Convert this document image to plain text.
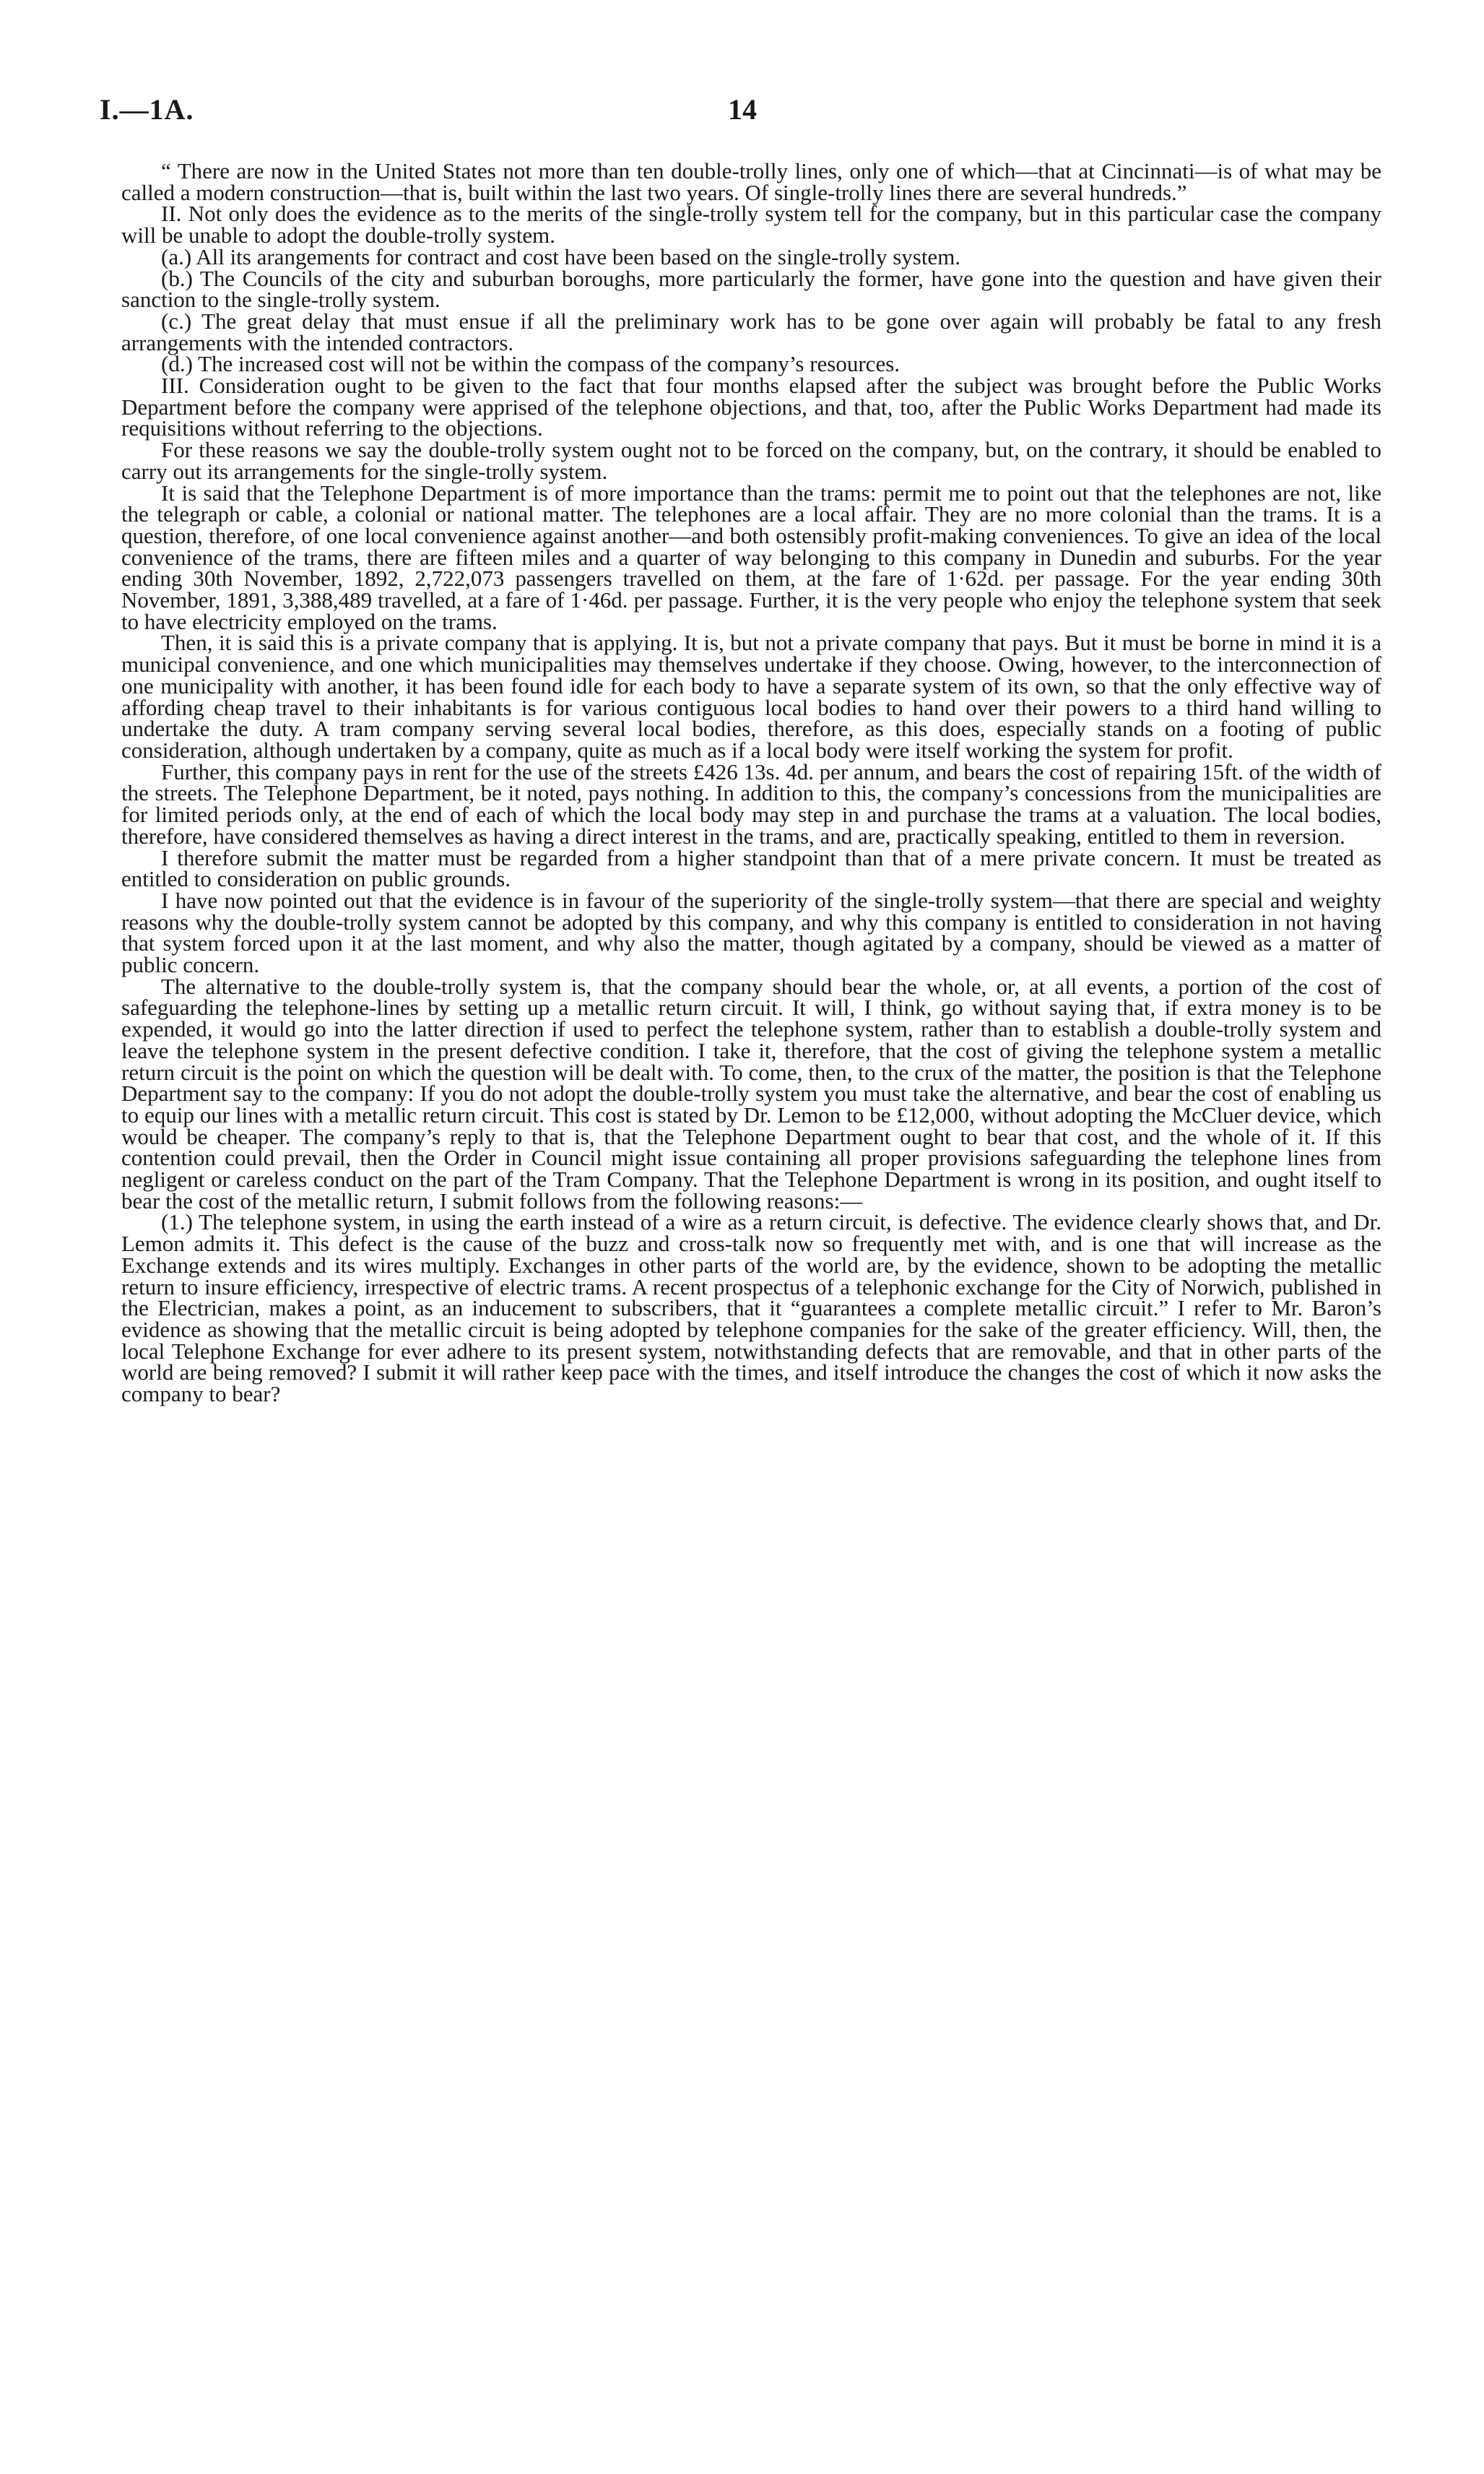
I.—1A.	14

“ There are now in the United States not more than ten double-trolly lines, only one of which—that at Cincinnati—is of what may be called a modern construction—that is, built within the last two years. Of single-trolly lines there are several hundreds.”

II. Not only does the evidence as to the merits of the single-trolly system tell for the company, but in this particular case the company will be unable to adopt the double-trolly system.

(a.) All its arangements for contract and cost have been based on the single-trolly system.

(b.) The Councils of the city and suburban boroughs, more particularly the former, have gone into the question and have given their sanction to the single-trolly system.

(c.) The great delay that must ensue if all the preliminary work has to be gone over again will probably be fatal to any fresh arrangements with the intended contractors.

(d.) The increased cost will not be within the compass of the company’s resources.

III. Consideration ought to be given to the fact that four months elapsed after the subject was brought before the Public Works Department before the company were apprised of the telephone objections, and that, too, after the Public Works Department had made its requisitions without referring to the objections.

For these reasons we say the double-trolly system ought not to be forced on the company, but, on the contrary, it should be enabled to carry out its arrangements for the single-trolly system.

It is said that the Telephone Department is of more importance than the trams: permit me to point out that the telephones are not, like the telegraph or cable, a colonial or national matter. The telephones are a local affair. They are no more colonial than the trams. It is a question, therefore, of one local convenience against another—and both ostensibly profit-making conveniences. To give an idea of the local convenience of the trams, there are fifteen miles and a quarter of way belonging to this company in Dunedin and suburbs. For the year ending 30th November, 1892, 2,722,073 passengers travelled on them, at the fare of 1·62d. per passage. For the year ending 30th November, 1891, 3,388,489 travelled, at a fare of 1·46d. per passage. Further, it is the very people who enjoy the telephone system that seek to have electricity employed on the trams.

Then, it is said this is a private company that is applying. It is, but not a private company that pays. But it must be borne in mind it is a municipal convenience, and one which municipalities may themselves undertake if they choose. Owing, however, to the interconnection of one municipality with another, it has been found idle for each body to have a separate system of its own, so that the only effective way of affording cheap travel to their inhabitants is for various contiguous local bodies to hand over their powers to a third hand willing to undertake the duty. A tram company serving several local bodies, therefore, as this does, especially stands on a footing of public consideration, although undertaken by a company, quite as much as if a local body were itself working the system for profit.

Further, this company pays in rent for the use of the streets £426 13s. 4d. per annum, and bears the cost of repairing 15ft. of the width of the streets. The Telephone Department, be it noted, pays nothing. In addition to this, the company’s concessions from the municipalities are for limited periods only, at the end of each of which the local body may step in and purchase the trams at a valuation. The local bodies, therefore, have considered themselves as having a direct interest in the trams, and are, practically speaking, entitled to them in reversion.

I therefore submit the matter must be regarded from a higher standpoint than that of a mere private concern. It must be treated as entitled to consideration on public grounds.

I have now pointed out that the evidence is in favour of the superiority of the single-trolly system—that there are special and weighty reasons why the double-trolly system cannot be adopted by this company, and why this company is entitled to consideration in not having that system forced upon it at the last moment, and why also the matter, though agitated by a company, should be viewed as a matter of public concern.

The alternative to the double-trolly system is, that the company should bear the whole, or, at all events, a portion of the cost of safeguarding the telephone-lines by setting up a metallic return circuit. It will, I think, go without saying that, if extra money is to be expended, it would go into the latter direction if used to perfect the telephone system, rather than to establish a double-trolly system and leave the telephone system in the present defective condition. I take it, therefore, that the cost of giving the telephone system a metallic return circuit is the point on which the question will be dealt with. To come, then, to the crux of the matter, the position is that the Telephone Department say to the company: If you do not adopt the double-trolly system you must take the alternative, and bear the cost of enabling us to equip our lines with a metallic return circuit. This cost is stated by Dr. Lemon to be £12,000, without adopting the McCluer device, which would be cheaper. The company’s reply to that is, that the Telephone Department ought to bear that cost, and the whole of it. If this contention could prevail, then the Order in Council might issue containing all proper provisions safeguarding the telephone lines from negligent or careless conduct on the part of the Tram Company. That the Telephone Department is wrong in its position, and ought itself to bear the cost of the metallic return, I submit follows from the following reasons:—

(1.) The telephone system, in using the earth instead of a wire as a return circuit, is defective. The evidence clearly shows that, and Dr. Lemon admits it. This defect is the cause of the buzz and cross-talk now so frequently met with, and is one that will increase as the Exchange extends and its wires multiply. Exchanges in other parts of the world are, by the evidence, shown to be adopting the metallic return to insure efficiency, irrespective of electric trams. A recent prospectus of a telephonic exchange for the City of Norwich, published in the Electrician, makes a point, as an inducement to subscribers, that it “guarantees a complete metallic circuit.” I refer to Mr. Baron’s evidence as showing that the metallic circuit is being adopted by telephone companies for the sake of the greater efficiency. Will, then, the local Telephone Exchange for ever adhere to its present system, notwithstanding defects that are removable, and that in other parts of the world are being removed? I submit it will rather keep pace with the times, and itself introduce the changes the cost of which it now asks the company to bear?
